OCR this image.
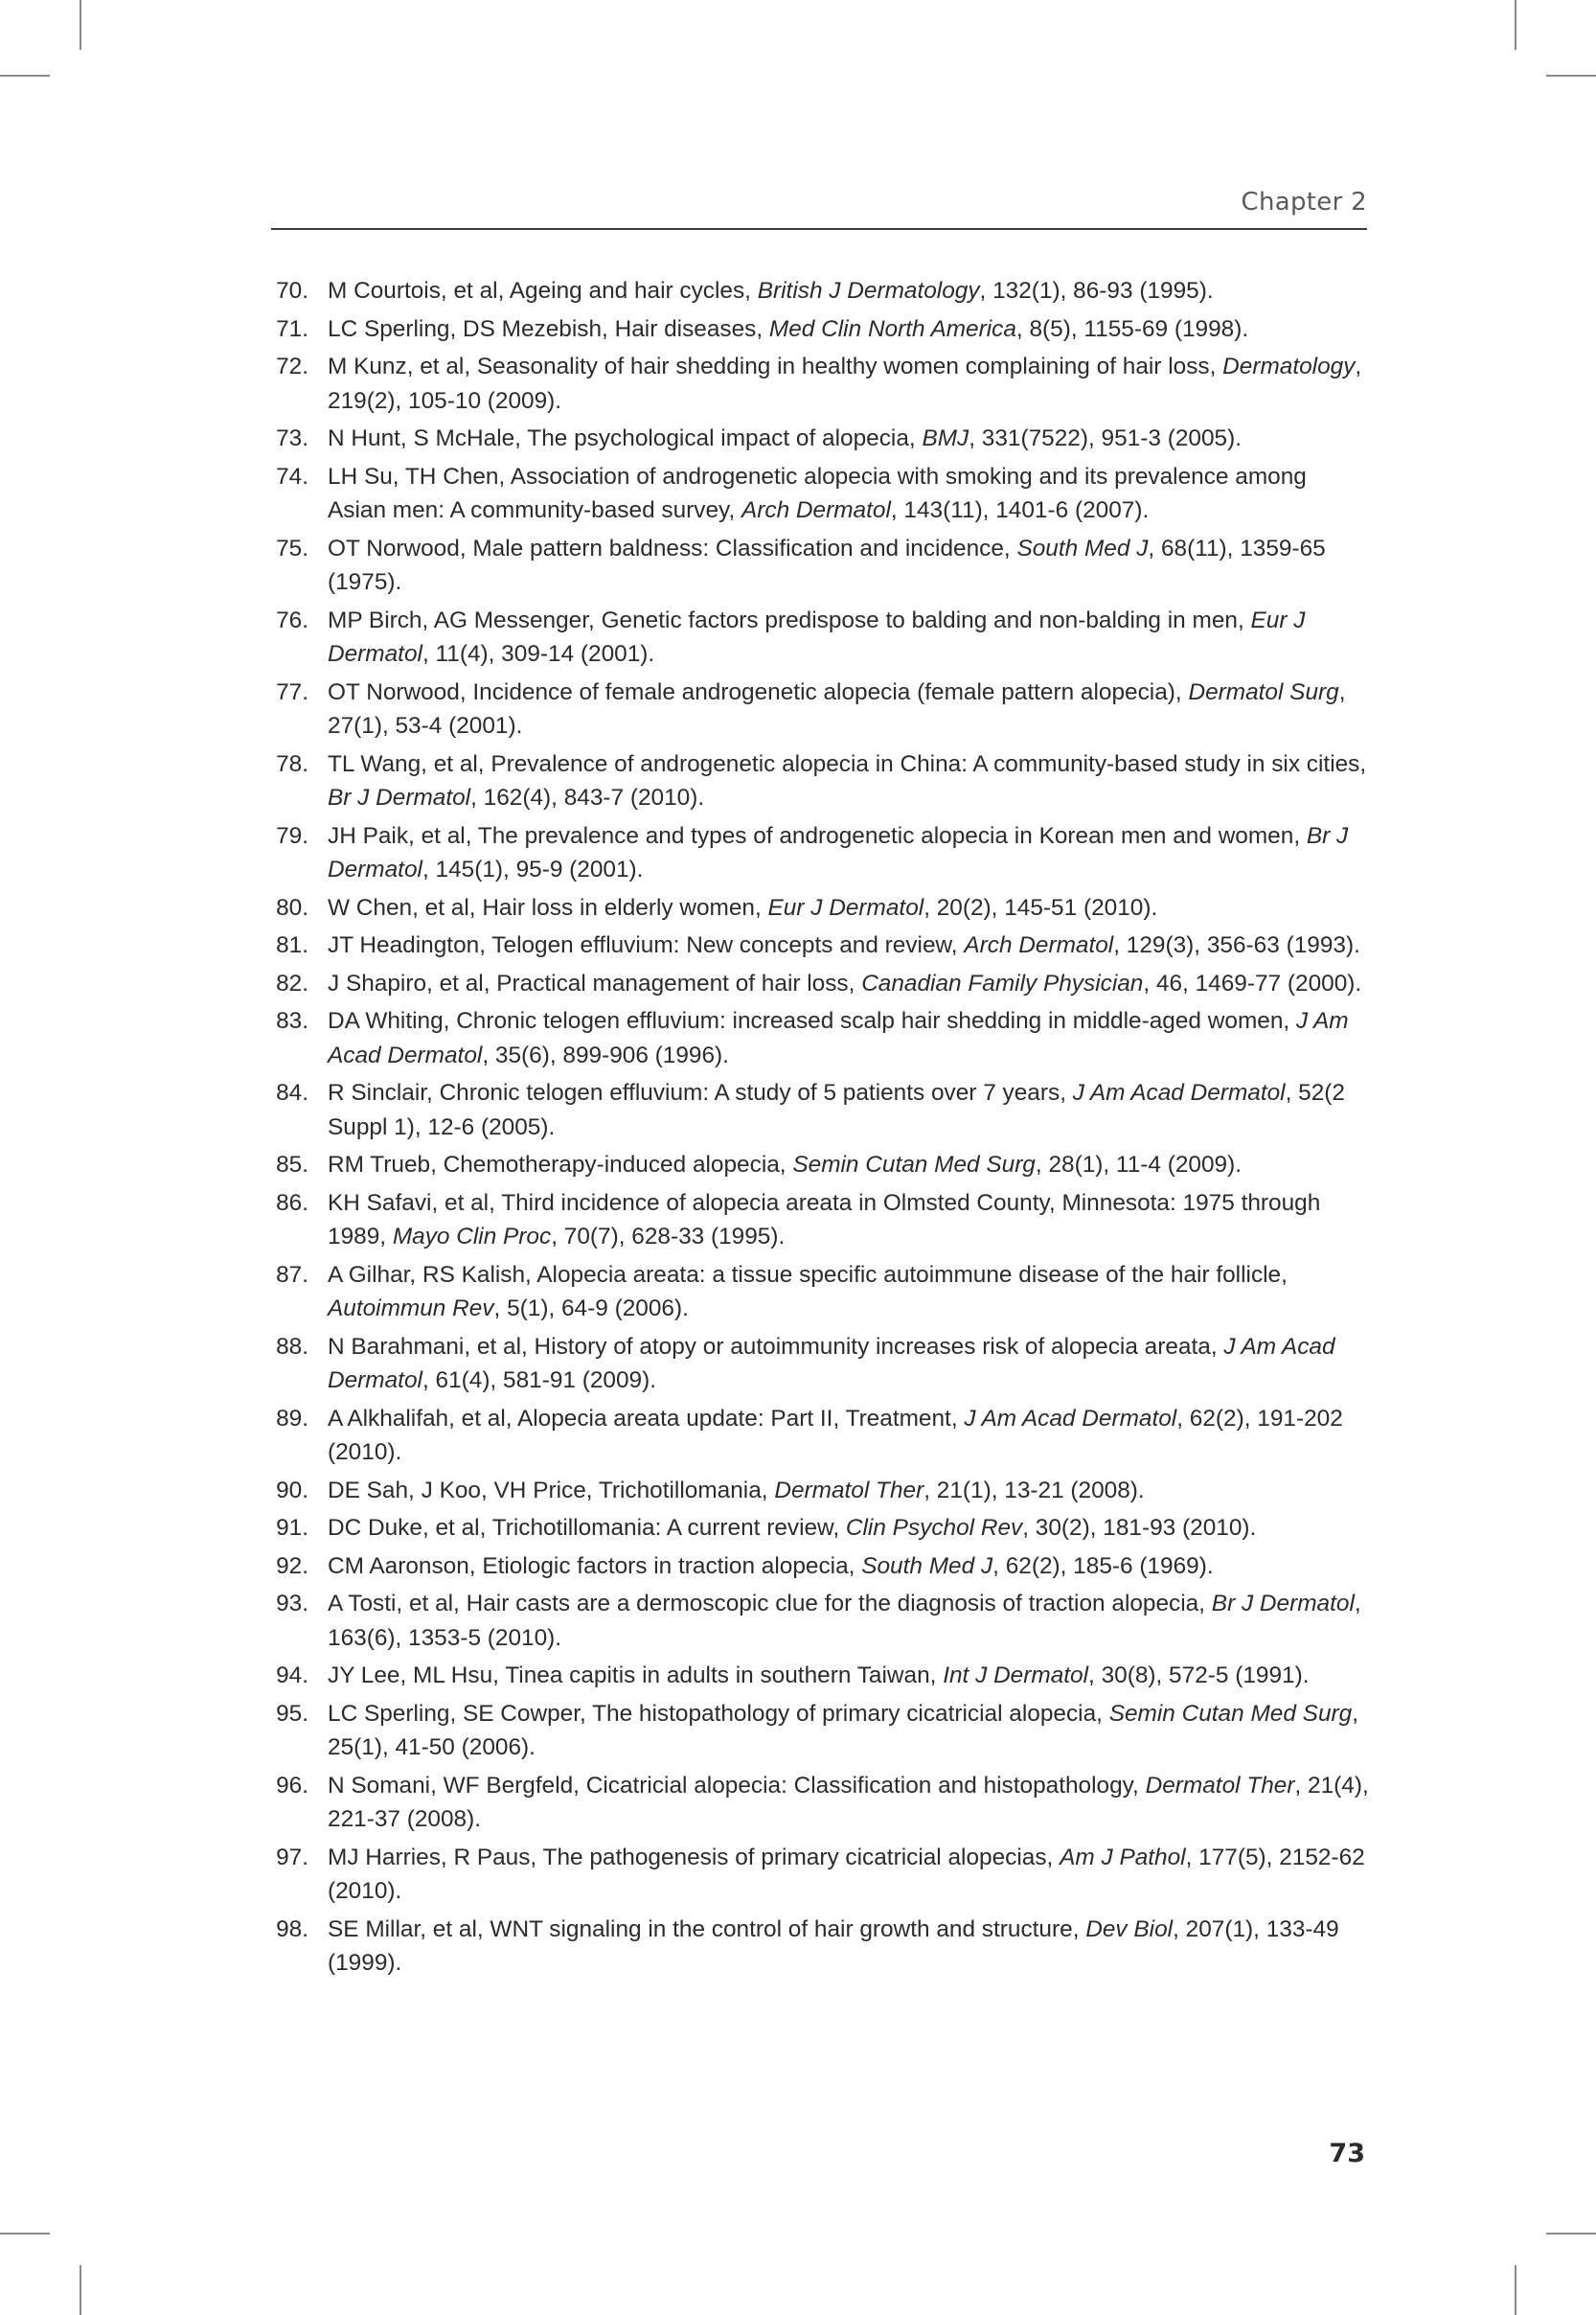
Chapter 2
70. M Courtois, et al, Ageing and hair cycles, British J Dermatology, 132(1), 86-93 (1995).
71. LC Sperling, DS Mezebish, Hair diseases, Med Clin North America, 8(5), 1155-69 (1998).
72. M Kunz, et al, Seasonality of hair shedding in healthy women complaining of hair loss, Dermatology, 219(2), 105-10 (2009).
73. N Hunt, S McHale, The psychological impact of alopecia, BMJ, 331(7522), 951-3 (2005).
74. LH Su, TH Chen, Association of androgenetic alopecia with smoking and its prevalence among Asian men: A community-based survey, Arch Dermatol, 143(11), 1401-6 (2007).
75. OT Norwood, Male pattern baldness: Classification and incidence, South Med J, 68(11), 1359-65 (1975).
76. MP Birch, AG Messenger, Genetic factors predispose to balding and non-balding in men, Eur J Dermatol, 11(4), 309-14 (2001).
77. OT Norwood, Incidence of female androgenetic alopecia (female pattern alopecia), Dermatol Surg, 27(1), 53-4 (2001).
78. TL Wang, et al, Prevalence of androgenetic alopecia in China: A community-based study in six cities, Br J Dermatol, 162(4), 843-7 (2010).
79. JH Paik, et al, The prevalence and types of androgenetic alopecia in Korean men and women, Br J Dermatol, 145(1), 95-9 (2001).
80. W Chen, et al, Hair loss in elderly women, Eur J Dermatol, 20(2), 145-51 (2010).
81. JT Headington, Telogen effluvium: New concepts and review, Arch Dermatol, 129(3), 356-63 (1993).
82. J Shapiro, et al, Practical management of hair loss, Canadian Family Physician, 46, 1469-77 (2000).
83. DA Whiting, Chronic telogen effluvium: increased scalp hair shedding in middle-aged women, J Am Acad Dermatol, 35(6), 899-906 (1996).
84. R Sinclair, Chronic telogen effluvium: A study of 5 patients over 7 years, J Am Acad Dermatol, 52(2 Suppl 1), 12-6 (2005).
85. RM Trueb, Chemotherapy-induced alopecia, Semin Cutan Med Surg, 28(1), 11-4 (2009).
86. KH Safavi, et al, Third incidence of alopecia areata in Olmsted County, Minnesota: 1975 through 1989, Mayo Clin Proc, 70(7), 628-33 (1995).
87. A Gilhar, RS Kalish, Alopecia areata: a tissue specific autoimmune disease of the hair follicle, Autoimmun Rev, 5(1), 64-9 (2006).
88. N Barahmani, et al, History of atopy or autoimmunity increases risk of alopecia areata, J Am Acad Dermatol, 61(4), 581-91 (2009).
89. A Alkhalifah, et al, Alopecia areata update: Part II, Treatment, J Am Acad Dermatol, 62(2), 191-202 (2010).
90. DE Sah, J Koo, VH Price, Trichotillomania, Dermatol Ther, 21(1), 13-21 (2008).
91. DC Duke, et al, Trichotillomania: A current review, Clin Psychol Rev, 30(2), 181-93 (2010).
92. CM Aaronson, Etiologic factors in traction alopecia, South Med J, 62(2), 185-6 (1969).
93. A Tosti, et al, Hair casts are a dermoscopic clue for the diagnosis of traction alopecia, Br J Dermatol, 163(6), 1353-5 (2010).
94. JY Lee, ML Hsu, Tinea capitis in adults in southern Taiwan, Int J Dermatol, 30(8), 572-5 (1991).
95. LC Sperling, SE Cowper, The histopathology of primary cicatricial alopecia, Semin Cutan Med Surg, 25(1), 41-50 (2006).
96. N Somani, WF Bergfeld, Cicatricial alopecia: Classification and histopathology, Dermatol Ther, 21(4), 221-37 (2008).
97. MJ Harries, R Paus, The pathogenesis of primary cicatricial alopecias, Am J Pathol, 177(5), 2152-62 (2010).
98. SE Millar, et al, WNT signaling in the control of hair growth and structure, Dev Biol, 207(1), 133-49 (1999).
73
